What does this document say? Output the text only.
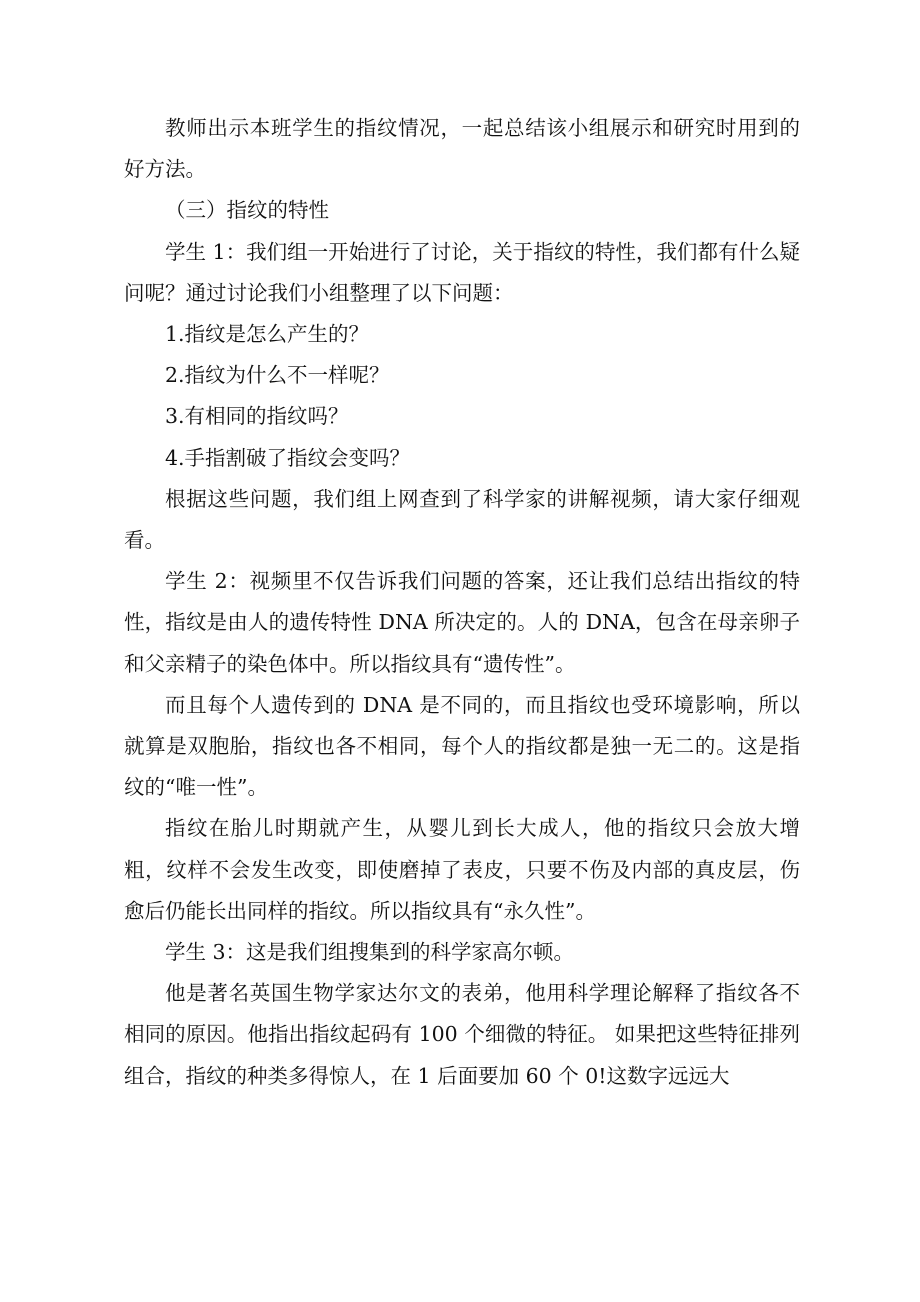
教师出示本班学生的指纹情况，一起总结该小组展示和研究时用到的好方法。

（三）指纹的特性

学生 1：我们组一开始进行了讨论，关于指纹的特性，我们都有什么疑问呢？通过讨论我们小组整理了以下问题：

1.指纹是怎么产生的？

2.指纹为什么不一样呢？

3.有相同的指纹吗？

4.手指割破了指纹会变吗？

根据这些问题，我们组上网查到了科学家的讲解视频，请大家仔细观看。

学生 2：视频里不仅告诉我们问题的答案，还让我们总结出指纹的特性，指纹是由人的遗传特性 DNA 所决定的。人的 DNA，包含在母亲卵子和父亲精子的染色体中。所以指纹具有“遗传性”。

而且每个人遗传到的 DNA 是不同的，而且指纹也受环境影响，所以就算是双胞胎，指纹也各不相同，每个人的指纹都是独一无二的。这是指纹的“唯一性”。

指纹在胎儿时期就产生，从婴儿到长大成人，他的指纹只会放大增粗，纹样不会发生改变，即使磨掉了表皮，只要不伤及内部的真皮层，伤愈后仍能长出同样的指纹。所以指纹具有“永久性”。

学生 3：这是我们组搜集到的科学家高尔顿。

他是著名英国生物学家达尔文的表弟，他用科学理论解释了指纹各不相同的原因。他指出指纹起码有 100 个细微的特征。 如果把这些特征排列组合，指纹的种类多得惊人，在 1 后面要加 60 个 0!这数字远远大
